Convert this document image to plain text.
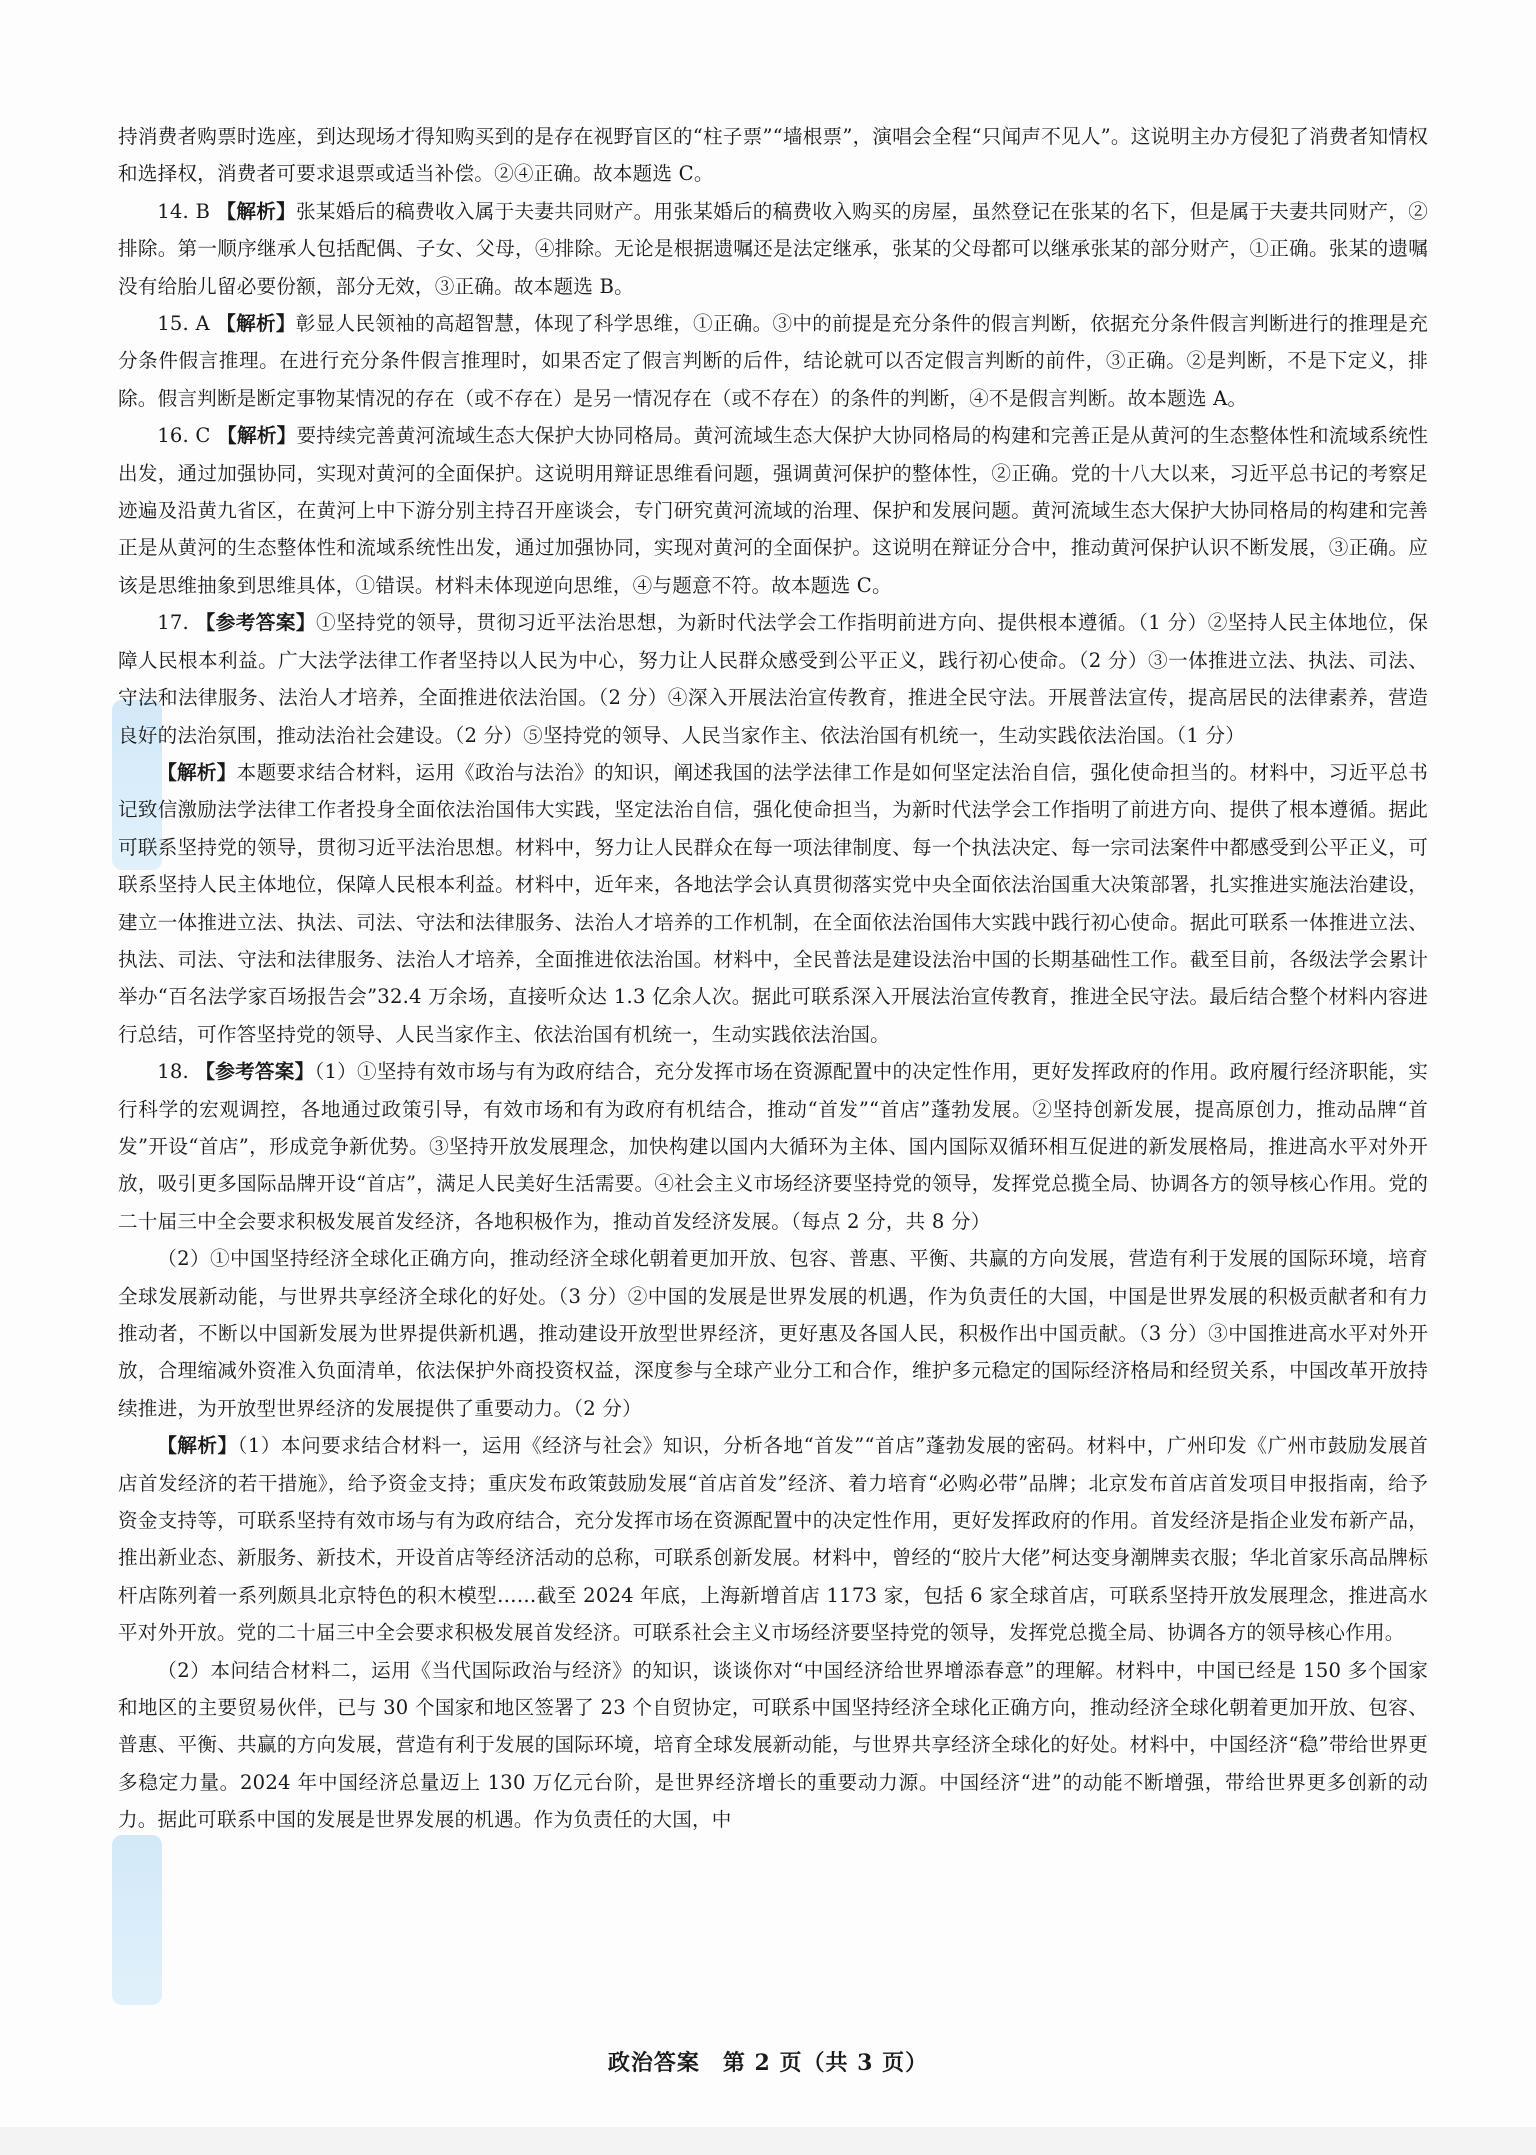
持消费者购票时选座，到达现场才得知购买到的是存在视野盲区的“柱子票”“墙根票”，演唱会全程“只闻声不见人”。这说明主办方侵犯了消费者知情权和选择权，消费者可要求退票或适当补偿。②④正确。故本题选 C。

14. B 【解析】张某婚后的稿费收入属于夫妻共同财产。用张某婚后的稿费收入购买的房屋，虽然登记在张某的名下，但是属于夫妻共同财产，②排除。第一顺序继承人包括配偶、子女、父母，④排除。无论是根据遗嘱还是法定继承，张某的父母都可以继承张某的部分财产，①正确。张某的遗嘱没有给胎儿留必要份额，部分无效，③正确。故本题选 B。

15. A 【解析】彰显人民领袖的高超智慧，体现了科学思维，①正确。③中的前提是充分条件的假言判断，依据充分条件假言判断进行的推理是充分条件假言推理。在进行充分条件假言推理时，如果否定了假言判断的后件，结论就可以否定假言判断的前件，③正确。②是判断，不是下定义，排除。假言判断是断定事物某情况的存在（或不存在）是另一情况存在（或不存在）的条件的判断，④不是假言判断。故本题选 A。

16. C 【解析】要持续完善黄河流域生态大保护大协同格局。黄河流域生态大保护大协同格局的构建和完善正是从黄河的生态整体性和流域系统性出发，通过加强协同，实现对黄河的全面保护。这说明用辩证思维看问题，强调黄河保护的整体性，②正确。党的十八大以来，习近平总书记的考察足迹遍及沿黄九省区，在黄河上中下游分别主持召开座谈会，专门研究黄河流域的治理、保护和发展问题。黄河流域生态大保护大协同格局的构建和完善正是从黄河的生态整体性和流域系统性出发，通过加强协同，实现对黄河的全面保护。这说明在辩证分合中，推动黄河保护认识不断发展，③正确。应该是思维抽象到思维具体，①错误。材料未体现逆向思维，④与题意不符。故本题选 C。

17. 【参考答案】①坚持党的领导，贯彻习近平法治思想，为新时代法学会工作指明前进方向、提供根本遵循。（1 分）②坚持人民主体地位，保障人民根本利益。广大法学法律工作者坚持以人民为中心，努力让人民群众感受到公平正义，践行初心使命。（2 分）③一体推进立法、执法、司法、守法和法律服务、法治人才培养，全面推进依法治国。（2 分）④深入开展法治宣传教育，推进全民守法。开展普法宣传，提高居民的法律素养，营造良好的法治氛围，推动法治社会建设。（2 分）⑤坚持党的领导、人民当家作主、依法治国有机统一，生动实践依法治国。（1 分）

【解析】本题要求结合材料，运用《政治与法治》的知识，阐述我国的法学法律工作是如何坚定法治自信，强化使命担当的。材料中，习近平总书记致信激励法学法律工作者投身全面依法治国伟大实践，坚定法治自信，强化使命担当，为新时代法学会工作指明了前进方向、提供了根本遵循。据此可联系坚持党的领导，贯彻习近平法治思想。材料中，努力让人民群众在每一项法律制度、每一个执法决定、每一宗司法案件中都感受到公平正义，可联系坚持人民主体地位，保障人民根本利益。材料中，近年来，各地法学会认真贯彻落实党中央全面依法治国重大决策部署，扎实推进实施法治建设，建立一体推进立法、执法、司法、守法和法律服务、法治人才培养的工作机制，在全面依法治国伟大实践中践行初心使命。据此可联系一体推进立法、执法、司法、守法和法律服务、法治人才培养，全面推进依法治国。材料中，全民普法是建设法治中国的长期基础性工作。截至目前，各级法学会累计举办“百名法学家百场报告会”32.4 万余场，直接听众达 1.3 亿余人次。据此可联系深入开展法治宣传教育，推进全民守法。最后结合整个材料内容进行总结，可作答坚持党的领导、人民当家作主、依法治国有机统一，生动实践依法治国。

18. 【参考答案】（1）①坚持有效市场与有为政府结合，充分发挥市场在资源配置中的决定性作用，更好发挥政府的作用。政府履行经济职能，实行科学的宏观调控，各地通过政策引导，有效市场和有为政府有机结合，推动“首发”“首店”蓬勃发展。②坚持创新发展，提高原创力，推动品牌“首发”开设“首店”，形成竞争新优势。③坚持开放发展理念，加快构建以国内大循环为主体、国内国际双循环相互促进的新发展格局，推进高水平对外开放，吸引更多国际品牌开设“首店”，满足人民美好生活需要。④社会主义市场经济要坚持党的领导，发挥党总揽全局、协调各方的领导核心作用。党的二十届三中全会要求积极发展首发经济，各地积极作为，推动首发经济发展。（每点 2 分，共 8 分）

（2）①中国坚持经济全球化正确方向，推动经济全球化朝着更加开放、包容、普惠、平衡、共赢的方向发展，营造有利于发展的国际环境，培育全球发展新动能，与世界共享经济全球化的好处。（3 分）②中国的发展是世界发展的机遇，作为负责任的大国，中国是世界发展的积极贡献者和有力推动者，不断以中国新发展为世界提供新机遇，推动建设开放型世界经济，更好惠及各国人民，积极作出中国贡献。（3 分）③中国推进高水平对外开放，合理缩减外资准入负面清单，依法保护外商投资权益，深度参与全球产业分工和合作，维护多元稳定的国际经济格局和经贸关系，中国改革开放持续推进，为开放型世界经济的发展提供了重要动力。（2 分）

【解析】（1）本问要求结合材料一，运用《经济与社会》知识，分析各地“首发”“首店”蓬勃发展的密码。材料中，广州印发《广州市鼓励发展首店首发经济的若干措施》，给予资金支持；重庆发布政策鼓励发展“首店首发”经济、着力培育“必购必带”品牌；北京发布首店首发项目申报指南，给予资金支持等，可联系坚持有效市场与有为政府结合，充分发挥市场在资源配置中的决定性作用，更好发挥政府的作用。首发经济是指企业发布新产品，推出新业态、新服务、新技术，开设首店等经济活动的总称，可联系创新发展。材料中，曾经的“胶片大佬”柯达变身潮牌卖衣服；华北首家乐高品牌标杆店陈列着一系列颇具北京特色的积木模型……截至 2024 年底，上海新增首店 1173 家，包括 6 家全球首店，可联系坚持开放发展理念，推进高水平对外开放。党的二十届三中全会要求积极发展首发经济。可联系社会主义市场经济要坚持党的领导，发挥党总揽全局、协调各方的领导核心作用。

（2）本问结合材料二，运用《当代国际政治与经济》的知识，谈谈你对“中国经济给世界增添春意”的理解。材料中，中国已经是 150 多个国家和地区的主要贸易伙伴，已与 30 个国家和地区签署了 23 个自贸协定，可联系中国坚持经济全球化正确方向，推动经济全球化朝着更加开放、包容、普惠、平衡、共赢的方向发展，营造有利于发展的国际环境，培育全球发展新动能，与世界共享经济全球化的好处。材料中，中国经济“稳”带给世界更多稳定力量。2024 年中国经济总量迈上 130 万亿元台阶，是世界经济增长的重要动力源。中国经济“进”的动能不断增强，带给世界更多创新的动力。据此可联系中国的发展是世界发展的机遇。作为负责任的大国，中

政治答案　第 2 页（共 3 页）
